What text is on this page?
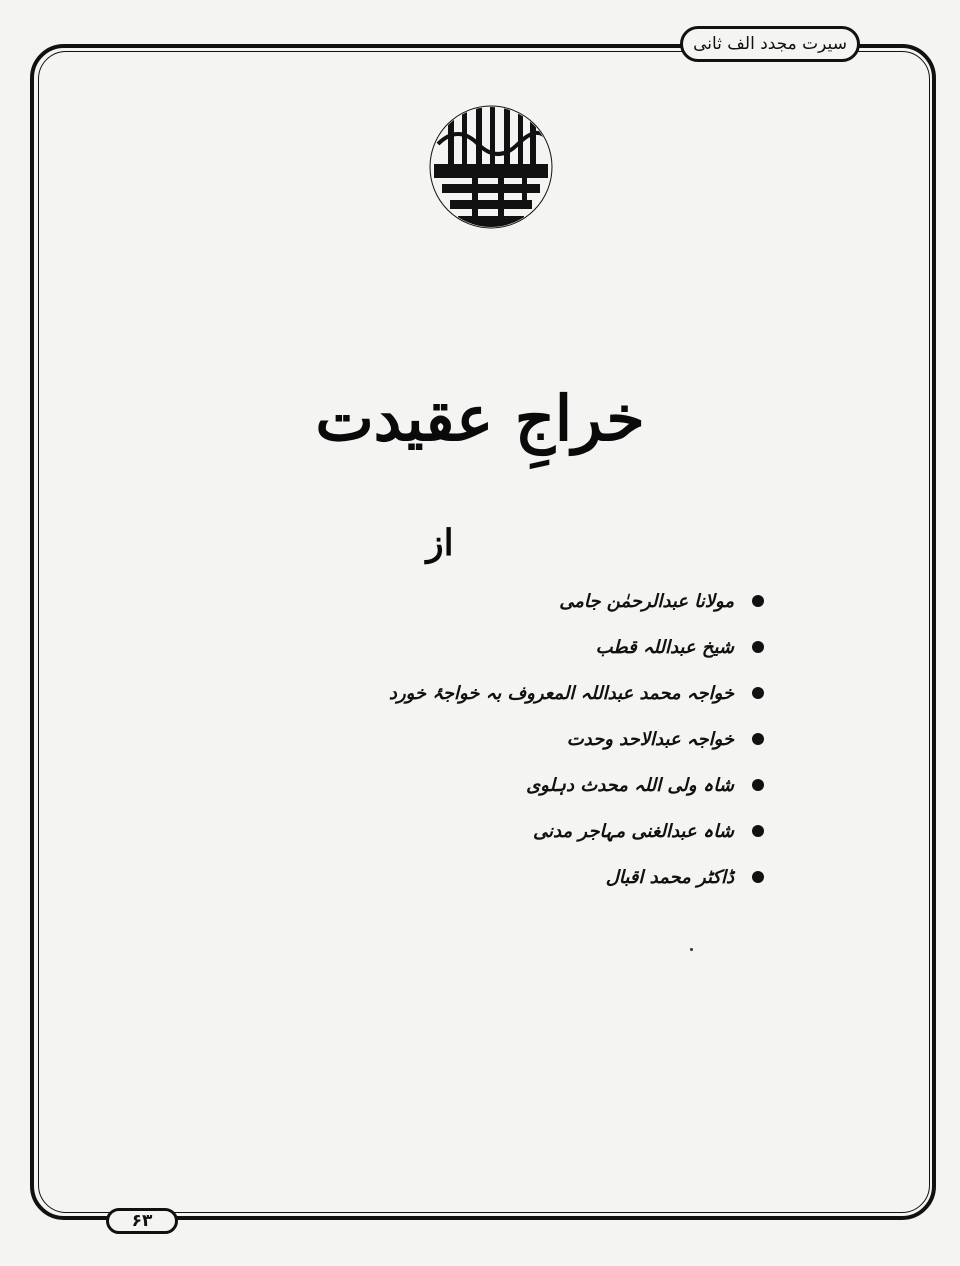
سیرت مجدد الف ثانی
خراجِ عقیدت
از
مولانا عبدالرحمٰن جامی
شیخ عبداللہ قطب
خواجہ محمد عبداللہ المعروف بہ خواجۂ خورد
خواجہ عبدالاحد وحدت
شاہ ولی اللہ محدث دہلوی
شاہ عبدالغنی مہاجر مدنی
ڈاکٹر محمد اقبال
۶۳
